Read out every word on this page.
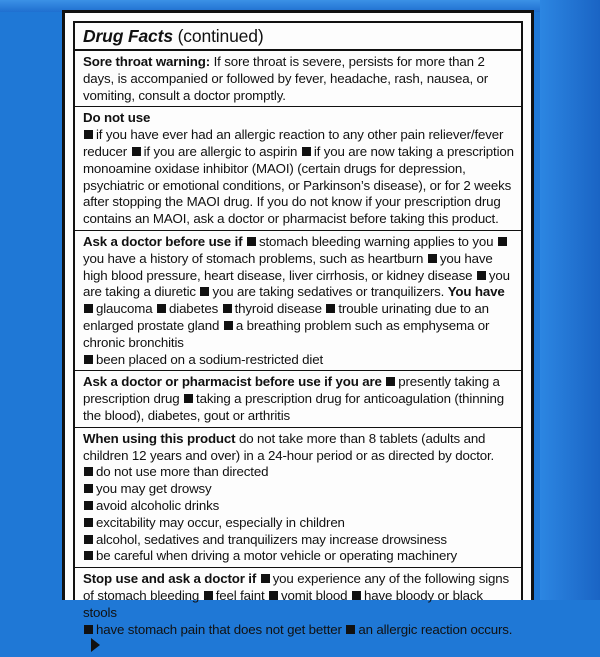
Drug Facts (continued)
Sore throat warning: If sore throat is severe, persists for more than 2 days, is accompanied or followed by fever, headache, rash, nausea, or vomiting, consult a doctor promptly.
Do not use
if you have ever had an allergic reaction to any other pain reliever/fever reducer if you are allergic to aspirin if you are now taking a prescription monoamine oxidase inhibitor (MAOI) (certain drugs for depression, psychiatric or emotional conditions, or Parkinson’s disease), or for 2 weeks after stopping the MAOI drug. If you do not know if your prescription drug contains an MAOI, ask a doctor or pharmacist before taking this product.
Ask a doctor before use if stomach bleeding warning applies to you you have a history of stomach problems, such as heartburn you have high blood pressure, heart disease, liver cirrhosis, or kidney disease you are taking a diuretic you are taking sedatives or tranquilizers. You have glaucoma diabetes thyroid disease trouble urinating due to an enlarged prostate gland a breathing problem such as emphysema or chronic bronchitis
been placed on a sodium-restricted diet
Ask a doctor or pharmacist before use if you are presently taking a prescription drug taking a prescription drug for anticoagulation (thinning the blood), diabetes, gout or arthritis
When using this product do not take more than 8 tablets (adults and children 12 years and over) in a 24-hour period or as directed by doctor.
do not use more than directed
you may get drowsy
avoid alcoholic drinks
excitability may occur, especially in children
alcohol, sedatives and tranquilizers may increase drowsiness
be careful when driving a motor vehicle or operating machinery
Stop use and ask a doctor if you experience any of the following signs of stomach bleeding feel faint vomit blood have bloody or black stools
have stomach pain that does not get better an allergic reaction occurs.
